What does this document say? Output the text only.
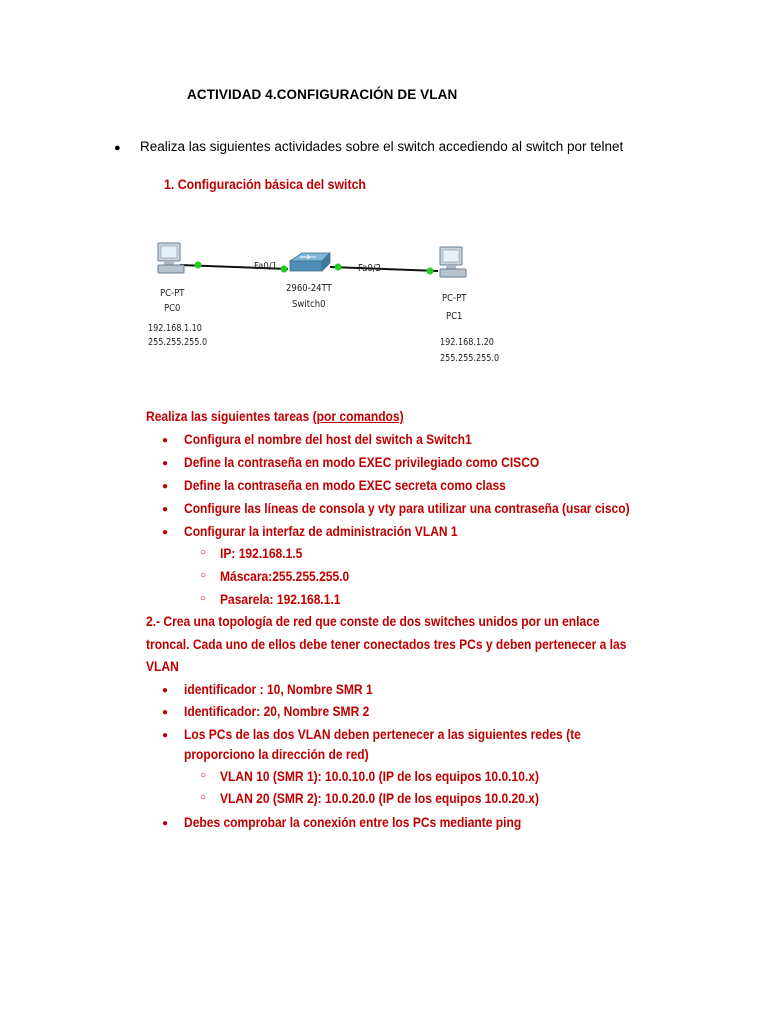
ACTIVIDAD 4.CONFIGURACIÓN DE VLAN
● Realiza las siguientes actividades sobre el switch accediendo al switch por telnet
1. Configuración básica del switch
Fa0/1	Fa0/2
PC-PT
PC0
192.168.1.10
255.255.255.0
2960-24TT
Switch0
PC-PT
PC1
192.168.1.20
255.255.255.0
Realiza las siguientes tareas (por comandos)
● Configura el nombre del host del switch a Switch1
● Define la contraseña en modo EXEC privilegiado como CISCO
● Define la contraseña en modo EXEC secreta como class
● Configure las líneas de consola y vty para utilizar una contraseña (usar cisco)
● Configurar la interfaz de administración VLAN 1
○ IP: 192.168.1.5
○ Máscara:255.255.255.0
○ Pasarela: 192.168.1.1
2.- Crea una topología de red que conste de dos switches unidos por un enlace
troncal. Cada uno de ellos debe tener conectados tres PCs y deben pertenecer a las
VLAN
● identificador : 10, Nombre SMR 1
● Identificador: 20, Nombre SMR 2
● Los PCs de las dos VLAN deben pertenecer a las siguientes redes (te
proporciono la dirección de red)
○ VLAN 10 (SMR 1): 10.0.10.0 (IP de los equipos 10.0.10.x)
○ VLAN 20 (SMR 2): 10.0.20.0 (IP de los equipos 10.0.20.x)
● Debes comprobar la conexión entre los PCs mediante ping
